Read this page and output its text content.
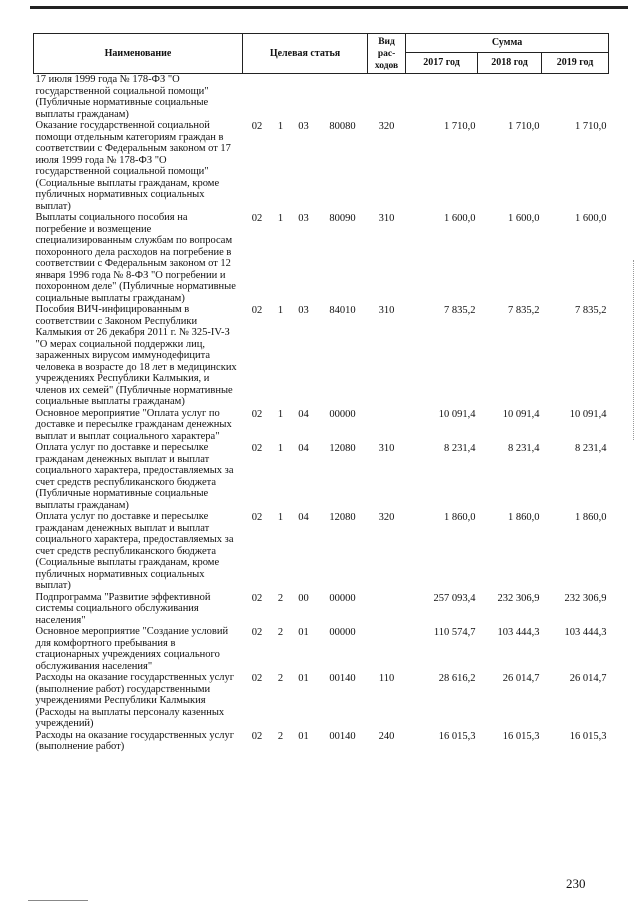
Наименование	Целевая статья				Вид рас- ходов	Сумма		
						2017 год	2018 год	2019 год
17 июля 1999 года № 178-ФЗ "О государственной социальной помощи" (Публичные нормативные социальные выплаты гражданам)								
Оказание государственной социальной помощи отдельным категориям граждан в соответствии с Федеральным законом от 17 июля 1999 года № 178-ФЗ "О государственной социальной помощи" (Социальные выплаты гражданам, кроме публичных нормативных социальных выплат)	02	1	03	80080	320	1 710,0	1 710,0	1 710,0
Выплаты социального пособия на погребение и возмещение специализированным службам по вопросам похоронного дела расходов на погребение в соответствии с Федеральным законом от 12 января 1996 года № 8-ФЗ "О погребении и похоронном деле" (Публичные нормативные социальные выплаты гражданам)	02	1	03	80090	310	1 600,0	1 600,0	1 600,0
Пособия ВИЧ-инфицированным в соответствии с Законом Республики Калмыкия от 26 декабря 2011 г. № 325-IV-З "О мерах социальной поддержки лиц, зараженных вирусом иммунодефицита человека в возрасте до 18 лет в медицинских учреждениях Республики Калмыкия, и членов их семей" (Публичные нормативные социальные выплаты гражданам)	02	1	03	84010	310	7 835,2	7 835,2	7 835,2
Основное мероприятие "Оплата услуг по доставке и пересылке гражданам денежных выплат и выплат социального характера"	02	1	04	00000		10 091,4	10 091,4	10 091,4
Оплата услуг по доставке и пересылке гражданам денежных выплат и выплат социального характера, предоставляемых за счет средств республиканского бюджета (Публичные нормативные социальные выплаты гражданам)	02	1	04	12080	310	8 231,4	8 231,4	8 231,4
Оплата услуг по доставке и пересылке гражданам денежных выплат и выплат социального характера, предоставляемых за счет средств республиканского бюджета (Социальные выплаты гражданам, кроме публичных нормативных социальных выплат)	02	1	04	12080	320	1 860,0	1 860,0	1 860,0
Подпрограмма "Развитие эффективной системы социального обслуживания населения"	02	2	00	00000		257 093,4	232 306,9	232 306,9
Основное мероприятие "Создание условий для комфортного пребывания в стационарных учреждениях социального обслуживания населения"	02	2	01	00000		110 574,7	103 444,3	103 444,3
Расходы на оказание государственных услуг (выполнение работ) государственными учреждениями Республики Калмыкия (Расходы на выплаты персоналу казенных учреждений)	02	2	01	00140	110	28 616,2	26 014,7	26 014,7
Расходы на оказание государственных услуг (выполнение работ)	02	2	01	00140	240	16 015,3	16 015,3	16 015,3
230
